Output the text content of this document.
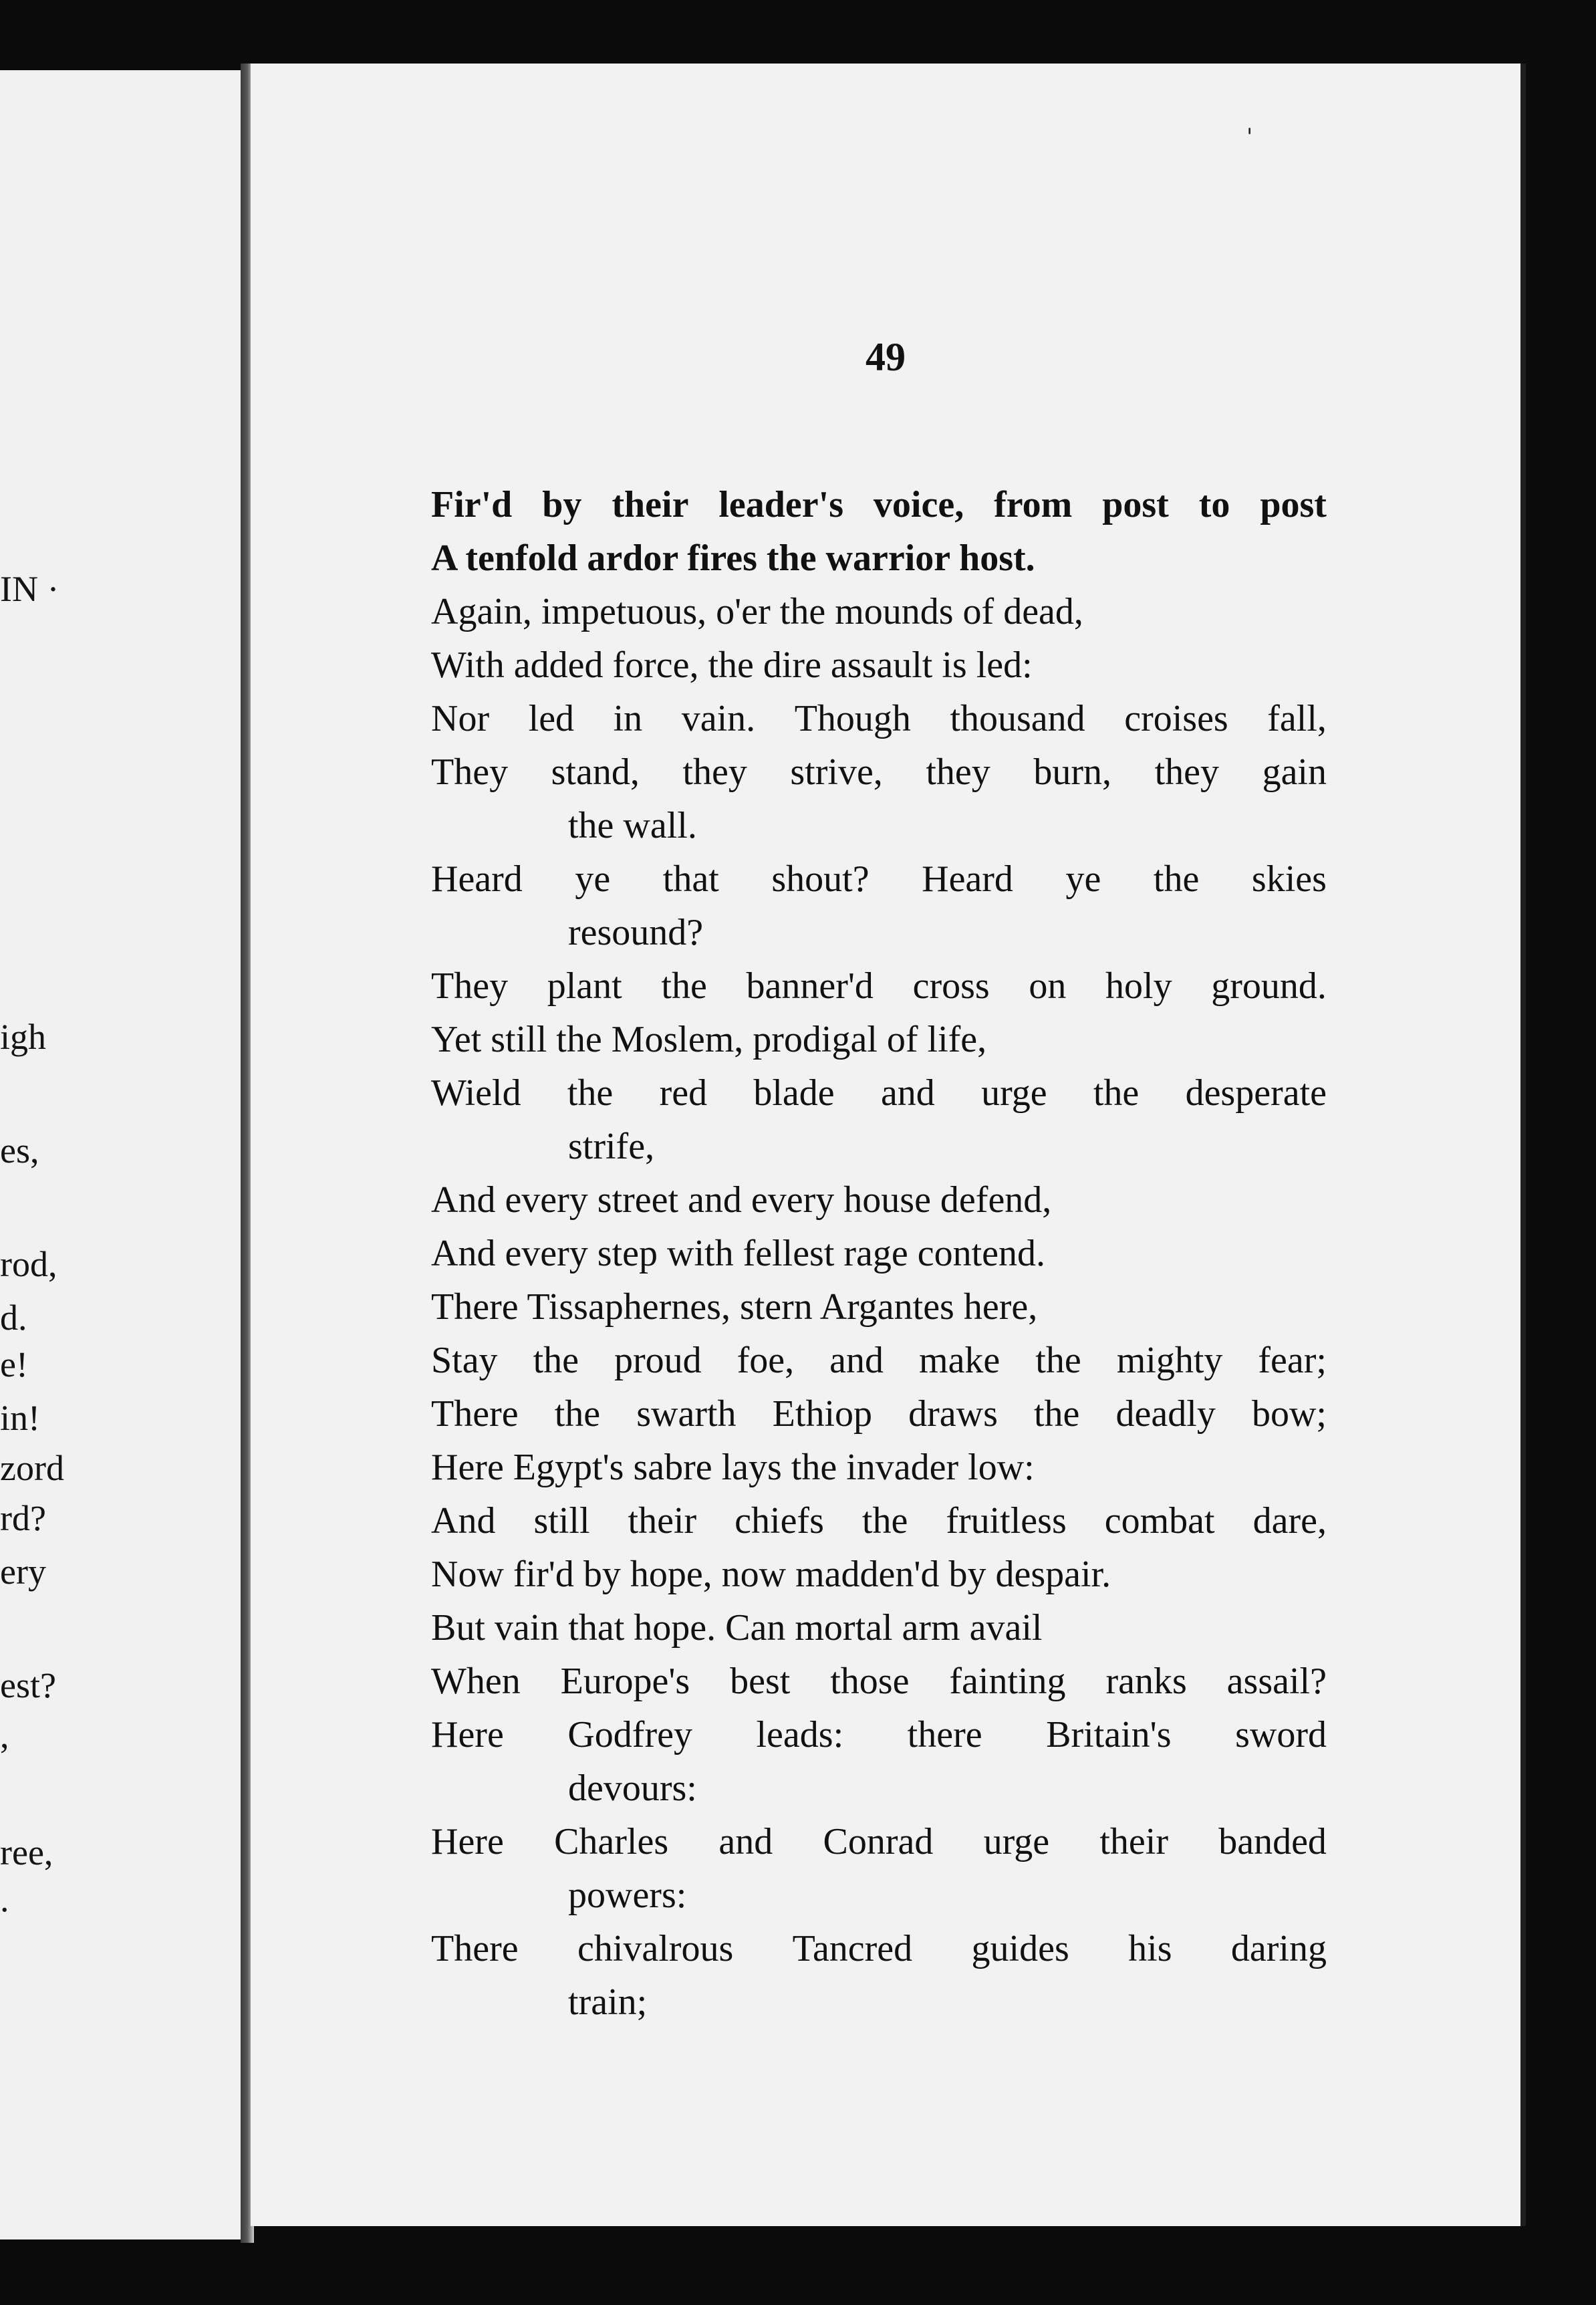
IN ·
igh
es,
rod,
d.
e!
in!
zord
rd?
ery
est?
,
ree,
.
'
49
Fir'd by their leader's voice, from post to post
A tenfold ardor fires the warrior host.
Again, impetuous, o'er the mounds of dead,
With added force, the dire assault is led:
Nor led in vain. Though thousand croises fall,
They stand, they strive, they burn, they gain
the wall.
Heard ye that shout? Heard ye the skies
resound?
They plant the banner'd cross on holy ground.
Yet still the Moslem, prodigal of life,
Wield the red blade and urge the desperate
strife,
And every street and every house defend,
And every step with fellest rage contend.
There Tissaphernes, stern Argantes here,
Stay the proud foe, and make the mighty fear;
There the swarth Ethiop draws the deadly bow;
Here Egypt's sabre lays the invader low:
And still their chiefs the fruitless combat dare,
Now fir'd by hope, now madden'd by despair.
But vain that hope. Can mortal arm avail
When Europe's best those fainting ranks assail?
Here Godfrey leads: there Britain's sword
devours:
Here Charles and Conrad urge their banded
powers:
There chivalrous Tancred guides his daring
train;
